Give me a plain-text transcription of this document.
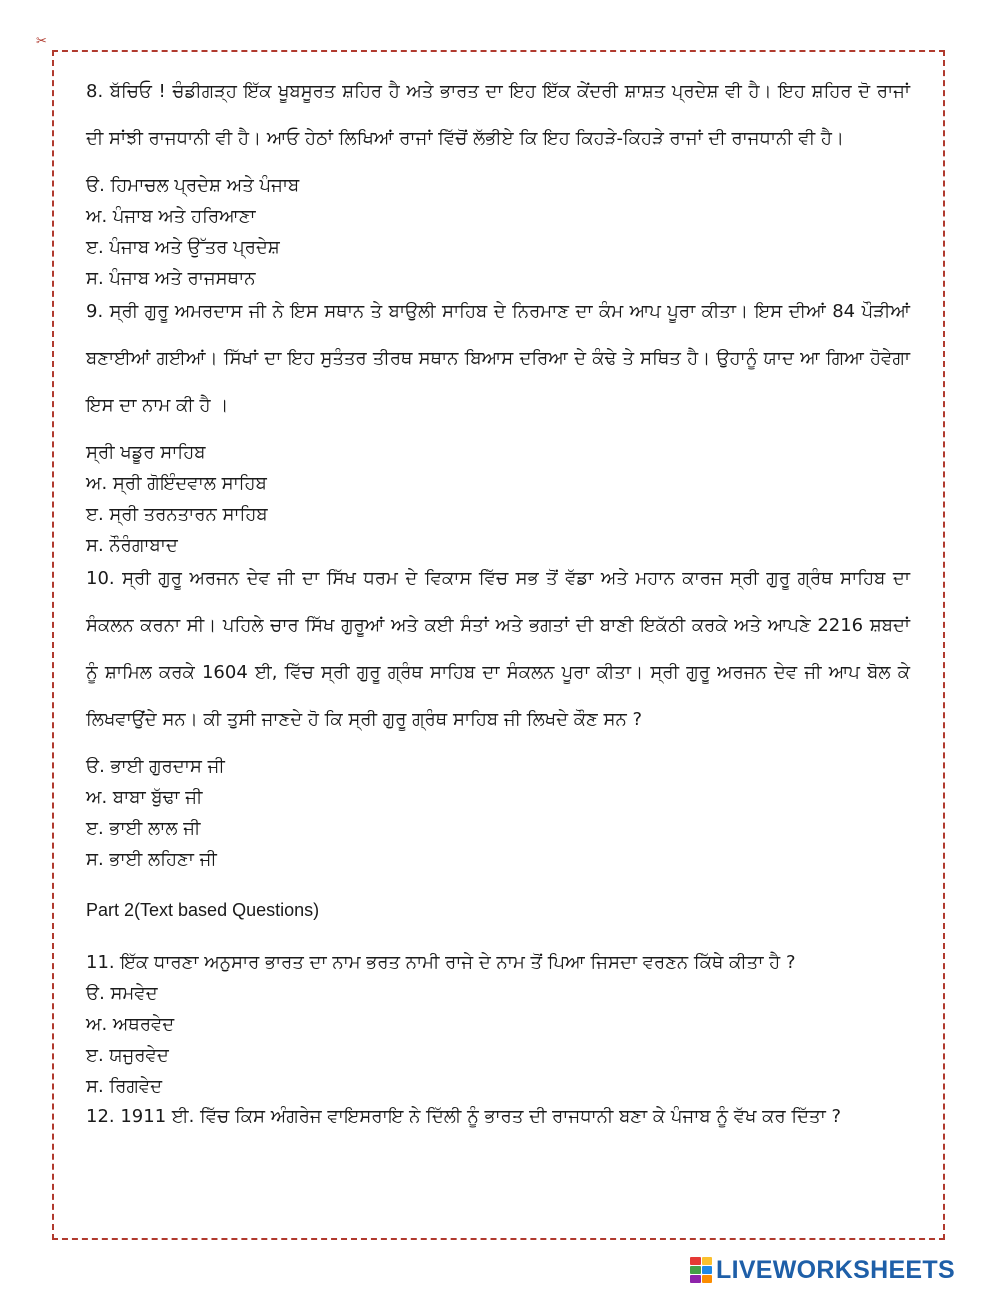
✂

8. ਬੱਚਿਓ ! ਚੰਡੀਗੜ੍ਹ ਇੱਕ ਖੂਬਸੂਰਤ ਸ਼ਹਿਰ ਹੈ ਅਤੇ ਭਾਰਤ ਦਾ ਇਹ ਇੱਕ ਕੇਂਦਰੀ ਸ਼ਾਸ਼ਤ ਪ੍ਰਦੇਸ਼ ਵੀ ਹੈ। ਇਹ ਸ਼ਹਿਰ ਦੋ ਰਾਜਾਂ ਦੀ ਸਾਂਝੀ ਰਾਜਧਾਨੀ ਵੀ ਹੈ। ਆਓ ਹੇਠਾਂ ਲਿਖਿਆਂ ਰਾਜਾਂ ਵਿੱਚੋਂ ਲੱਭੀਏ ਕਿ ਇਹ ਕਿਹੜੇ-ਕਿਹੜੇ ਰਾਜਾਂ ਦੀ ਰਾਜਧਾਨੀ ਵੀ ਹੈ।

ੳ. ਹਿਮਾਚਲ ਪ੍ਰਦੇਸ਼ ਅਤੇ ਪੰਜਾਬ

ਅ. ਪੰਜਾਬ ਅਤੇ ਹਰਿਆਣਾ

ੲ. ਪੰਜਾਬ ਅਤੇ ਉੱਤਰ ਪ੍ਰਦੇਸ਼

ਸ. ਪੰਜਾਬ ਅਤੇ ਰਾਜਸਥਾਨ

9. ਸ੍ਰੀ ਗੁਰੂ ਅਮਰਦਾਸ ਜੀ ਨੇ ਇਸ ਸਥਾਨ ਤੇ ਬਾਉਲੀ ਸਾਹਿਬ ਦੇ ਨਿਰਮਾਣ ਦਾ ਕੰਮ ਆਪ ਪੂਰਾ ਕੀਤਾ। ਇਸ ਦੀਆਂ 84 ਪੌੜੀਆਂ ਬਣਾਈਆਂ ਗਈਆਂ। ਸਿੱਖਾਂ ਦਾ ਇਹ ਸੁਤੰਤਰ ਤੀਰਥ ਸਥਾਨ ਬਿਆਸ ਦਰਿਆ ਦੇ ਕੰਢੇ ਤੇ ਸਥਿਤ ਹੈ। ਉਹਾਨੂੰ ਯਾਦ ਆ ਗਿਆ ਹੋਵੇਗਾ ਇਸ ਦਾ ਨਾਮ ਕੀ ਹੈ ।

ਸ੍ਰੀ ਖਡੂਰ ਸਾਹਿਬ

ਅ. ਸ੍ਰੀ ਗੋਇੰਦਵਾਲ ਸਾਹਿਬ

ੲ. ਸ੍ਰੀ ਤਰਨਤਾਰਨ ਸਾਹਿਬ

ਸ. ਨੌਰੰਗਾਬਾਦ

10. ਸ੍ਰੀ ਗੁਰੂ ਅਰਜਨ ਦੇਵ ਜੀ ਦਾ ਸਿੱਖ ਧਰਮ ਦੇ ਵਿਕਾਸ ਵਿੱਚ ਸਭ ਤੋਂ ਵੱਡਾ ਅਤੇ ਮਹਾਨ ਕਾਰਜ ਸ੍ਰੀ ਗੁਰੂ ਗ੍ਰੰਥ ਸਾਹਿਬ ਦਾ ਸੰਕਲਨ ਕਰਨਾ ਸੀ। ਪਹਿਲੇ ਚਾਰ ਸਿੱਖ ਗੁਰੂਆਂ ਅਤੇ ਕਈ ਸੰਤਾਂ ਅਤੇ ਭਗਤਾਂ ਦੀ ਬਾਣੀ ਇਕੱਠੀ ਕਰਕੇ ਅਤੇ ਆਪਣੇ 2216 ਸ਼ਬਦਾਂ ਨੂੰ ਸ਼ਾਮਿਲ ਕਰਕੇ 1604 ਈ, ਵਿੱਚ ਸ੍ਰੀ ਗੁਰੂ ਗ੍ਰੰਥ ਸਾਹਿਬ ਦਾ ਸੰਕਲਨ ਪੂਰਾ ਕੀਤਾ। ਸ੍ਰੀ ਗੁਰੂ ਅਰਜਨ ਦੇਵ ਜੀ ਆਪ ਬੋਲ ਕੇ ਲਿਖਵਾਉਂਦੇ ਸਨ। ਕੀ ਤੁਸੀ ਜਾਣਦੇ ਹੋ ਕਿ ਸ੍ਰੀ ਗੁਰੂ ਗ੍ਰੰਥ ਸਾਹਿਬ ਜੀ ਲਿਖਦੇ ਕੌਣ ਸਨ ?

ੳ. ਭਾਈ ਗੁਰਦਾਸ ਜੀ

ਅ. ਬਾਬਾ ਬੁੱਢਾ ਜੀ

ੲ. ਭਾਈ ਲਾਲ ਜੀ

ਸ. ਭਾਈ ਲਹਿਣਾ ਜੀ

Part 2(Text based Questions)

11. ਇੱਕ ਧਾਰਣਾ ਅਨੁਸਾਰ ਭਾਰਤ ਦਾ ਨਾਮ ਭਰਤ ਨਾਮੀ ਰਾਜੇ ਦੇ ਨਾਮ ਤੋਂ ਪਿਆ ਜਿਸਦਾ ਵਰਣਨ ਕਿੱਥੇ ਕੀਤਾ ਹੈ ?

ੳ. ਸਮਵੇਦ

ਅ. ਅਥਰਵੇਦ

ੲ. ਯਜੁਰਵੇਦ

ਸ. ਰਿਗਵੇਦ

12. 1911 ਈ. ਵਿੱਚ ਕਿਸ ਅੰਗਰੇਜ ਵਾਇਸਰਾਇ ਨੇ ਦਿੱਲੀ ਨੂੰ ਭਾਰਤ ਦੀ ਰਾਜਧਾਨੀ ਬਣਾ ਕੇ ਪੰਜਾਬ ਨੂੰ ਵੱਖ ਕਰ ਦਿੱਤਾ ?

LIVEWORKSHEETS
